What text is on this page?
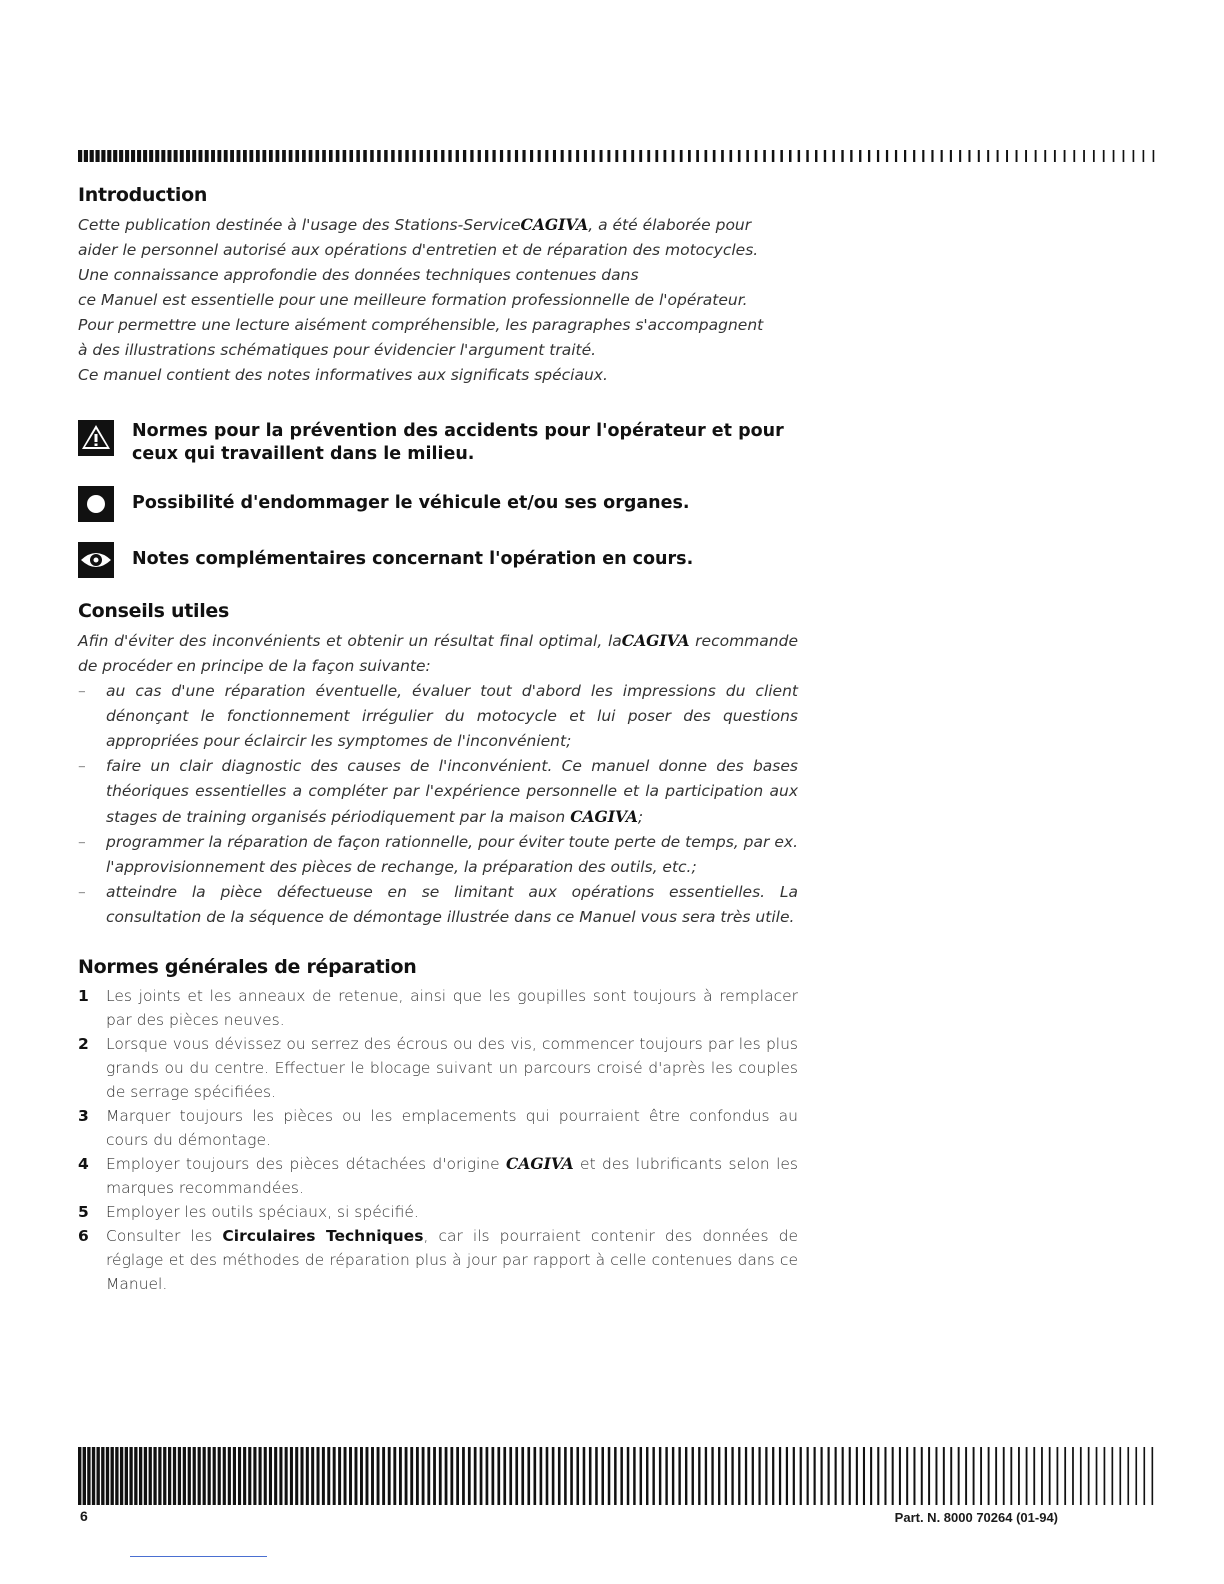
Introduction

Cette publication destinée à l'usage des Stations-ServiceCAGIVA, a été élaborée pour
aider le personnel autorisé aux opérations d'entretien et de réparation des motocycles.
Une connaissance approfondie des données techniques contenues dans
ce Manuel est essentielle pour une meilleure formation professionnelle de l'opérateur.
Pour permettre une lecture aisément compréhensible, les paragraphes s'accompagnent
à des illustrations schématiques pour évidencier l'argument traité.
Ce manuel contient des notes informatives aux significats spéciaux.

Normes pour la prévention des accidents pour l'opérateur et pour ceux qui travaillent dans le milieu.
Possibilité d'endommager le véhicule et/ou ses organes.
Notes complémentaires concernant l'opération en cours.
Conseils utiles

Afin d'éviter des inconvénients et obtenir un résultat final optimal, laCAGIVA recommande de procéder en principe de la façon suivante:

– au cas d'une réparation éventuelle, évaluer tout d'abord les impressions du client dénonçant le fonctionnement irrégulier du motocycle et lui poser des questions appropriées pour éclaircir les symptomes de l'inconvénient;
– faire un clair diagnostic des causes de l'inconvénient. Ce manuel donne des bases théoriques essentielles a compléter par l'expérience personnelle et la participation aux stages de training organisés périodiquement par la maison CAGIVA;
– programmer la réparation de façon rationnelle, pour éviter toute perte de temps, par ex. l'approvisionnement des pièces de rechange, la préparation des outils, etc.;
– atteindre la pièce défectueuse en se limitant aux opérations essentielles. La consultation de la séquence de démontage illustrée dans ce Manuel vous sera très utile.
Normes générales de réparation
1 Les joints et les anneaux de retenue, ainsi que les goupilles sont toujours à remplacer par des pièces neuves.
2 Lorsque vous dévissez ou serrez des écrous ou des vis, commencer toujours par les plus grands ou du centre. Effectuer le blocage suivant un parcours croisé d'après les couples de serrage spécifiées.
3 Marquer toujours les pièces ou les emplacements qui pourraient être confondus au cours du démontage.
4 Employer toujours des pièces détachées d'origine CAGIVA et des lubrificants selon les marques recommandées.
5 Employer les outils spéciaux, si spécifié.
6 Consulter les Circulaires Techniques, car ils pourraient contenir des données de réglage et des méthodes de réparation plus à jour par rapport à celle contenues dans ce Manuel.
6	Part. N. 8000 70264 (01-94)
